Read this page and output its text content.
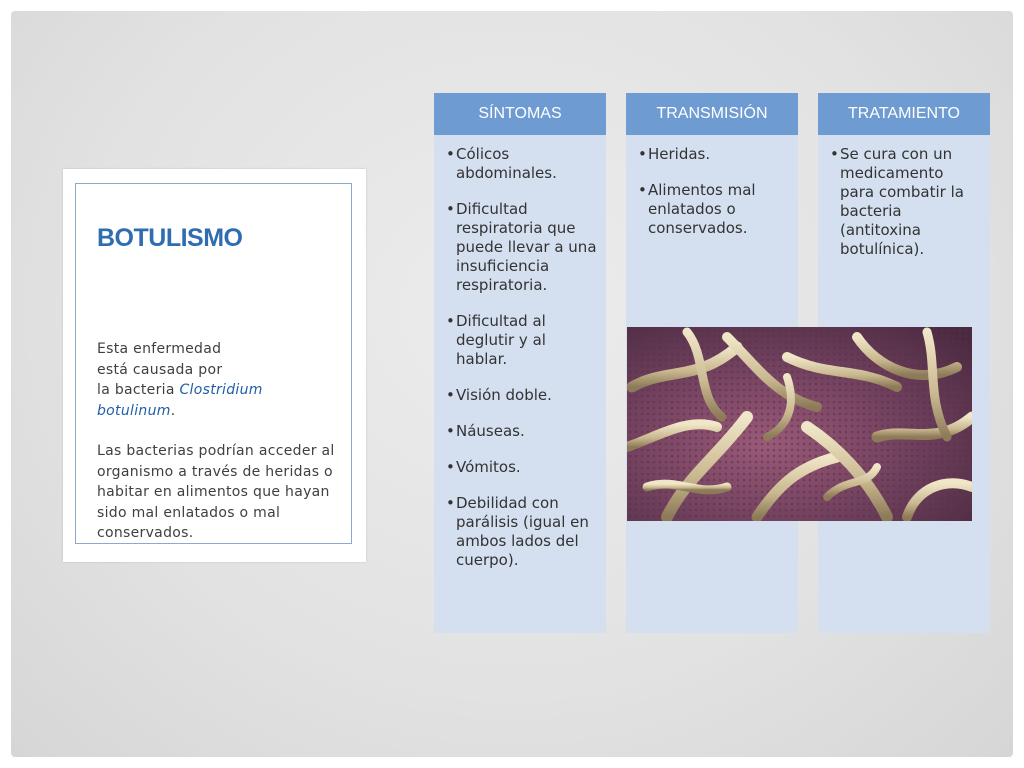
BOTULISMO

Esta enfermedad

está causada por

la bacteria Clostridium

botulinum.

Las bacterias podrían acceder al organismo a través de heridas o habitar en alimentos que hayan sido mal enlatados o mal conservados.

SÍNTOMAS
• Cólicos abdominales.
• Dificultad respiratoria que puede llevar a una insuficiencia respiratoria.
• Dificultad al deglutir y al hablar.
• Visión doble.
• Náuseas.
• Vómitos.
• Debilidad con parálisis (igual en ambos lados del cuerpo).
TRANSMISIÓN
• Heridas.
• Alimentos mal enlatados o conservados.
TRATAMIENTO
• Se cura con un medicamento para combatir la bacteria (antitoxina botulínica).
